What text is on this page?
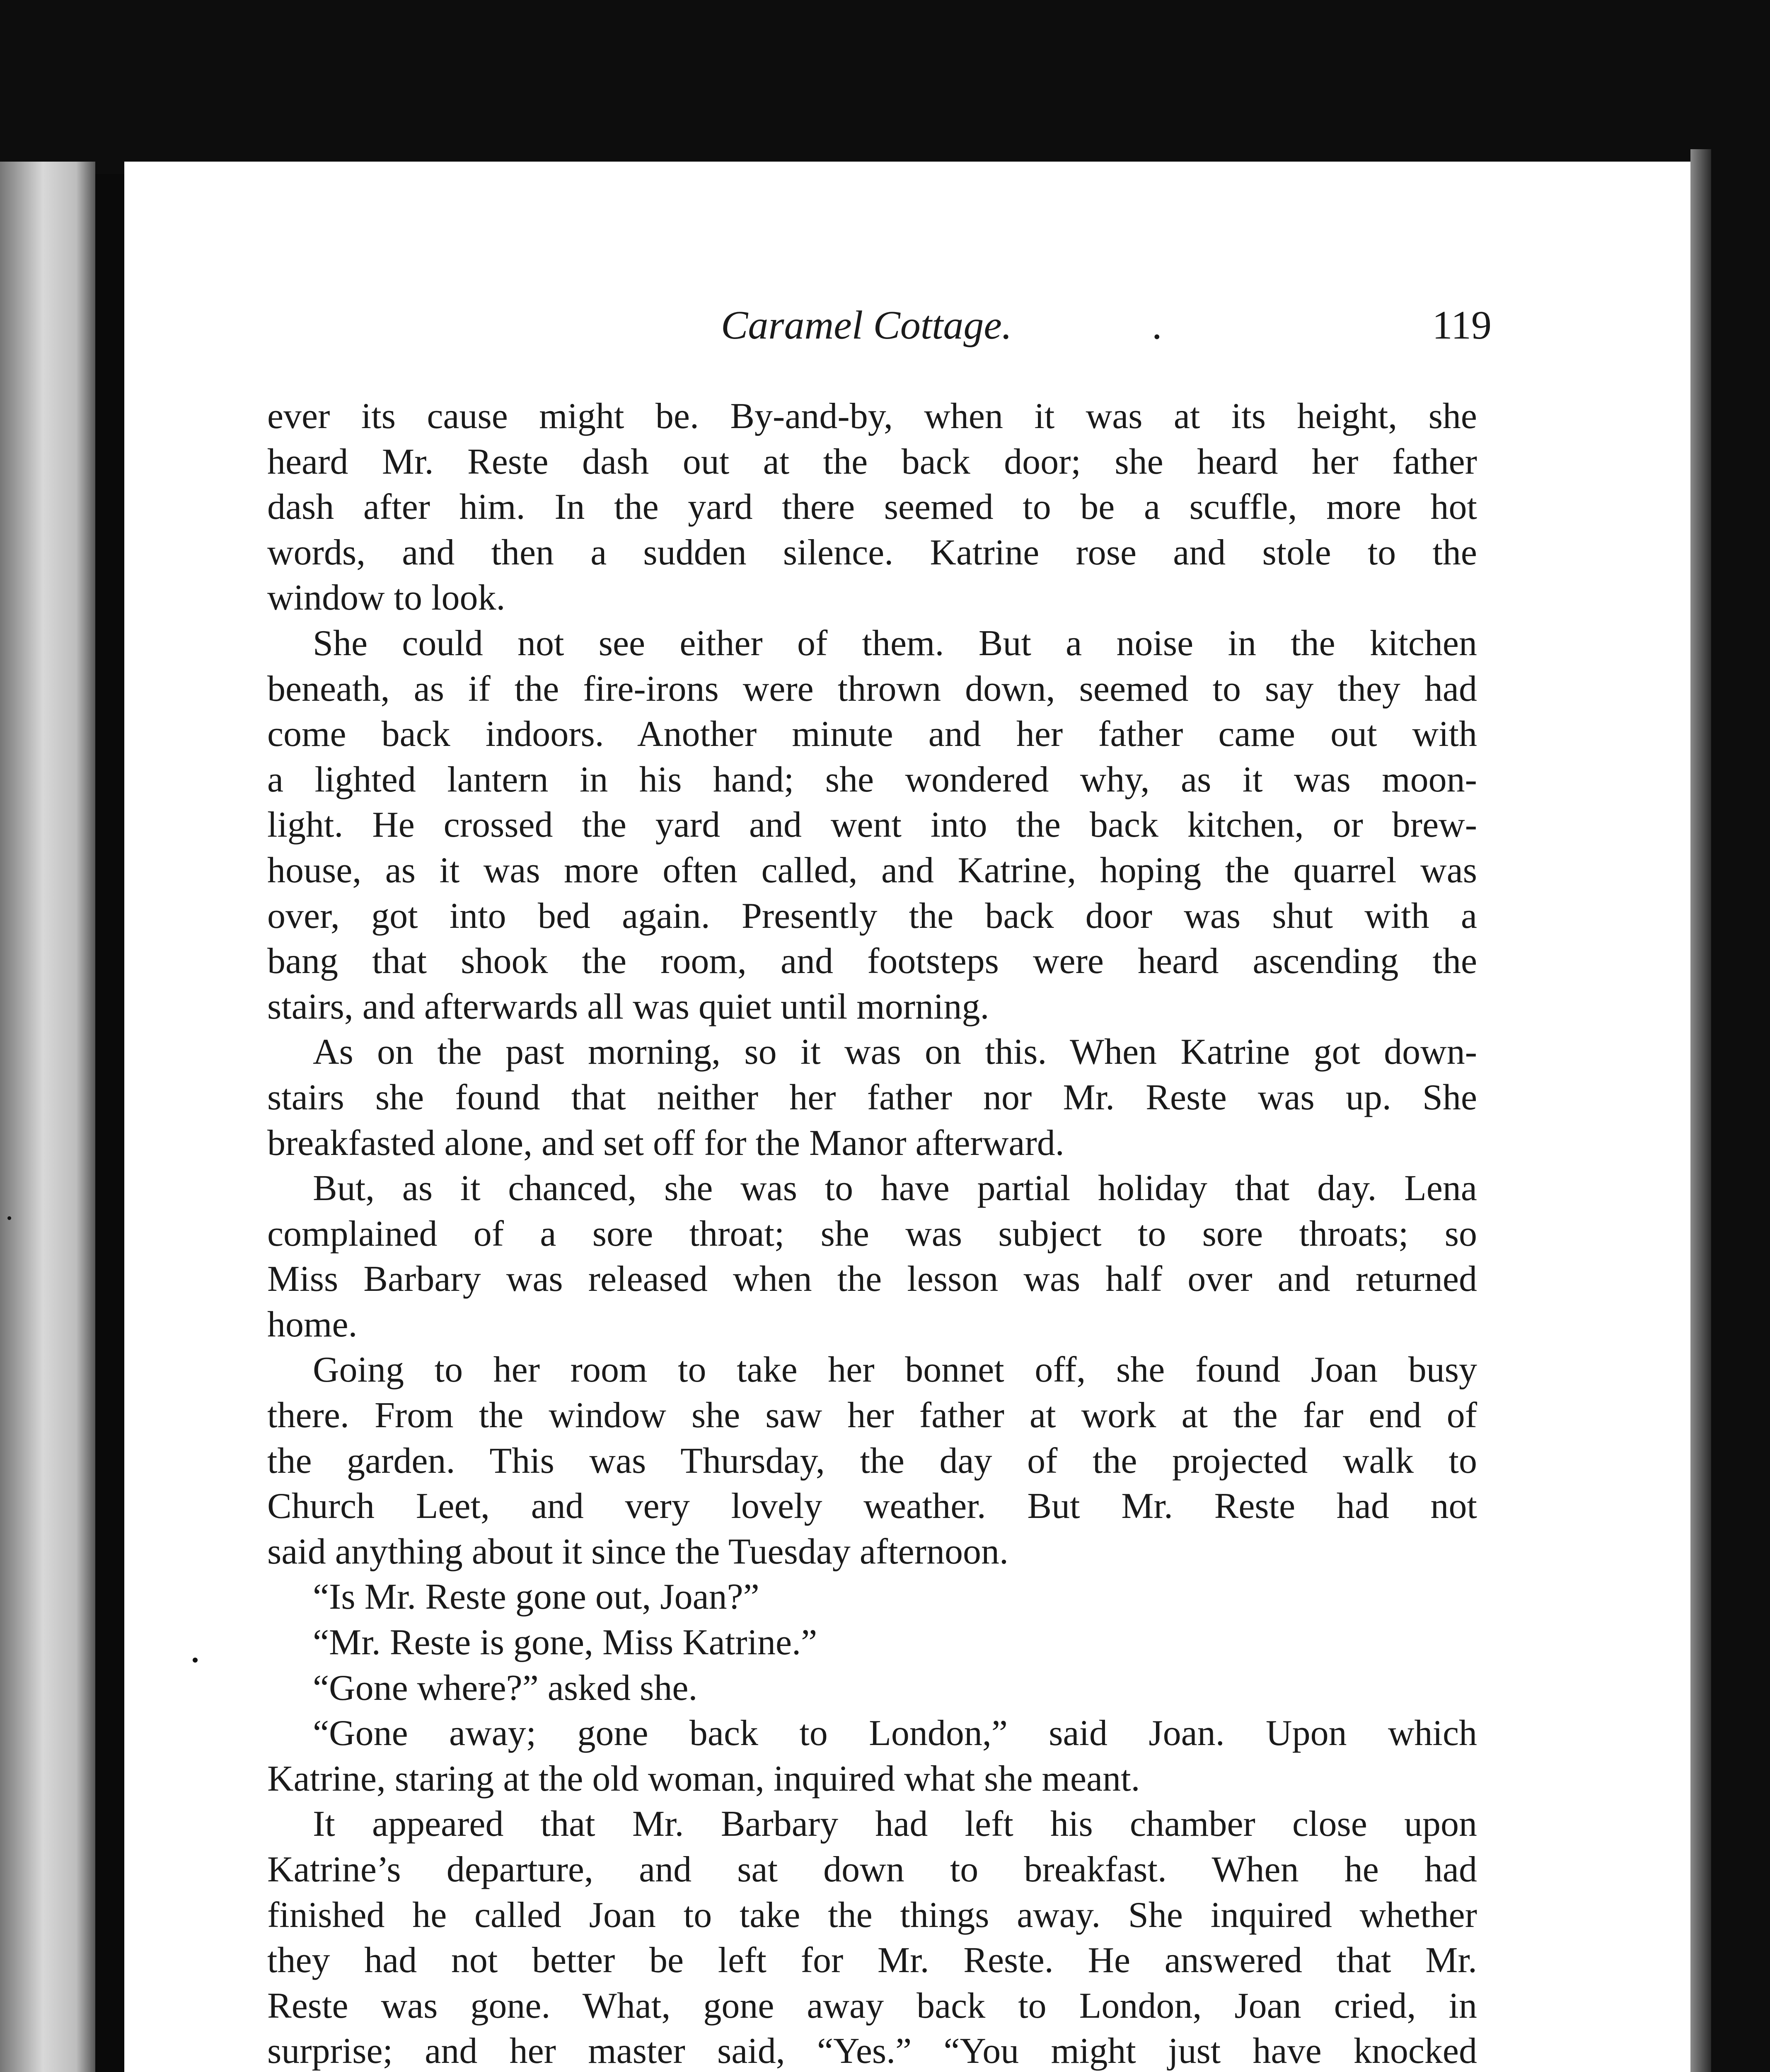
Caramel Cottage.	.	119
ever its cause might be. By-and-by, when it was at its height, she
heard Mr. Reste dash out at the back door; she heard her father
dash after him. In the yard there seemed to be a scuffle, more hot
words, and then a sudden silence. Katrine rose and stole to the
window to look.
She could not see either of them. But a noise in the kitchen
beneath, as if the fire-irons were thrown down, seemed to say they had
come back indoors. Another minute and her father came out with
a lighted lantern in his hand; she wondered why, as it was moon-
light. He crossed the yard and went into the back kitchen, or brew-
house, as it was more often called, and Katrine, hoping the quarrel was
over, got into bed again. Presently the back door was shut with a
bang that shook the room, and footsteps were heard ascending the
stairs, and afterwards all was quiet until morning.
As on the past morning, so it was on this. When Katrine got down-
stairs she found that neither her father nor Mr. Reste was up. She
breakfasted alone, and set off for the Manor afterward.
But, as it chanced, she was to have partial holiday that day. Lena
complained of a sore throat; she was subject to sore throats; so
Miss Barbary was released when the lesson was half over and returned
home.
Going to her room to take her bonnet off, she found Joan busy
there. From the window she saw her father at work at the far end of
the garden. This was Thursday, the day of the projected walk to
Church Leet, and very lovely weather. But Mr. Reste had not
said anything about it since the Tuesday afternoon.
“Is Mr. Reste gone out, Joan?”
“Mr. Reste is gone, Miss Katrine.”
“Gone where?” asked she.
“Gone away; gone back to London,” said Joan. Upon which
Katrine, staring at the old woman, inquired what she meant.
It appeared that Mr. Barbary had left his chamber close upon
Katrine’s departure, and sat down to breakfast. When he had
finished he called Joan to take the things away. She inquired whether
they had not better be left for Mr. Reste. He answered that Mr.
Reste was gone. What, gone away back to London, Joan cried, in
surprise; and her master said, “Yes.” “You might just have knocked
